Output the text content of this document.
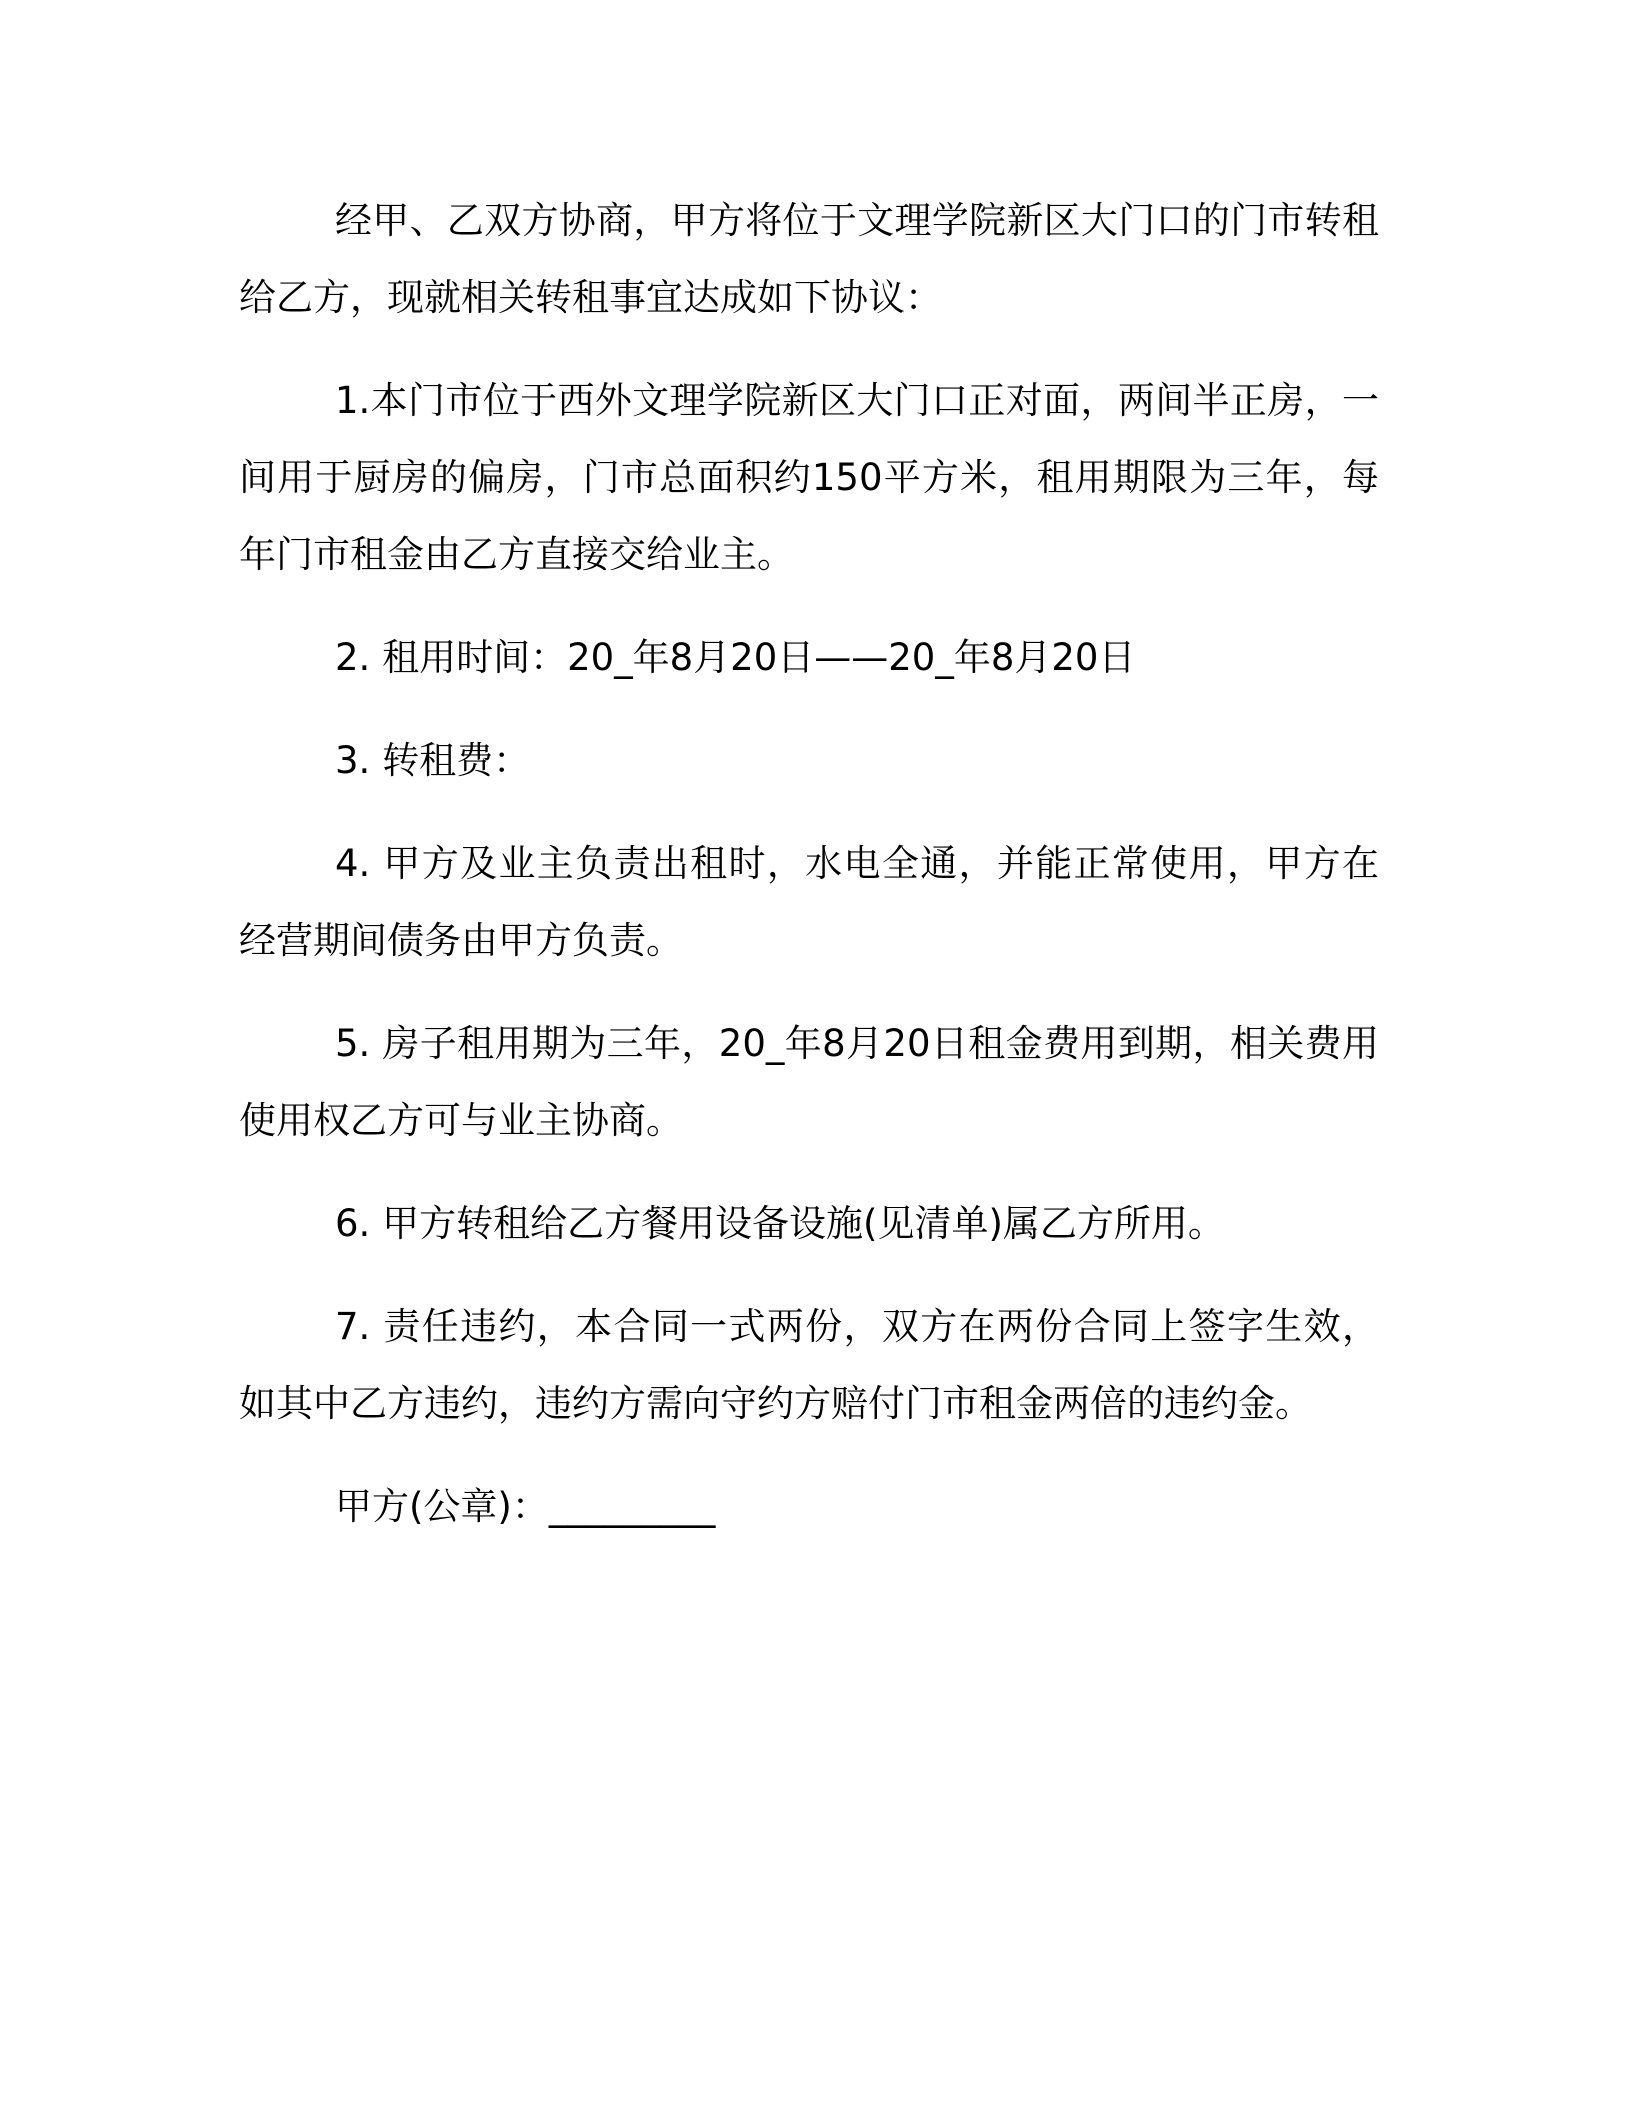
经甲、乙双方协商，甲方将位于文理学院新区大门口的门市转租给乙方，现就相关转租事宜达成如下协议：

1.本门市位于西外文理学院新区大门口正对面，两间半正房，一间用于厨房的偏房，门市总面积约150平方米，租用期限为三年，每年门市租金由乙方直接交给业主。

2. 租用时间：20_年8月20日——20_年8月20日

3. 转租费：

4. 甲方及业主负责出租时，水电全通，并能正常使用，甲方在经营期间债务由甲方负责。

5. 房子租用期为三年，20_年8月20日租金费用到期，相关费用使用权乙方可与业主协商。

6. 甲方转租给乙方餐用设备设施(见清单)属乙方所用。

7. 责任违约，本合同一式两份，双方在两份合同上签字生效，如其中乙方违约，违约方需向守约方赔付门市租金两倍的违约金。

甲方(公章)：_________
